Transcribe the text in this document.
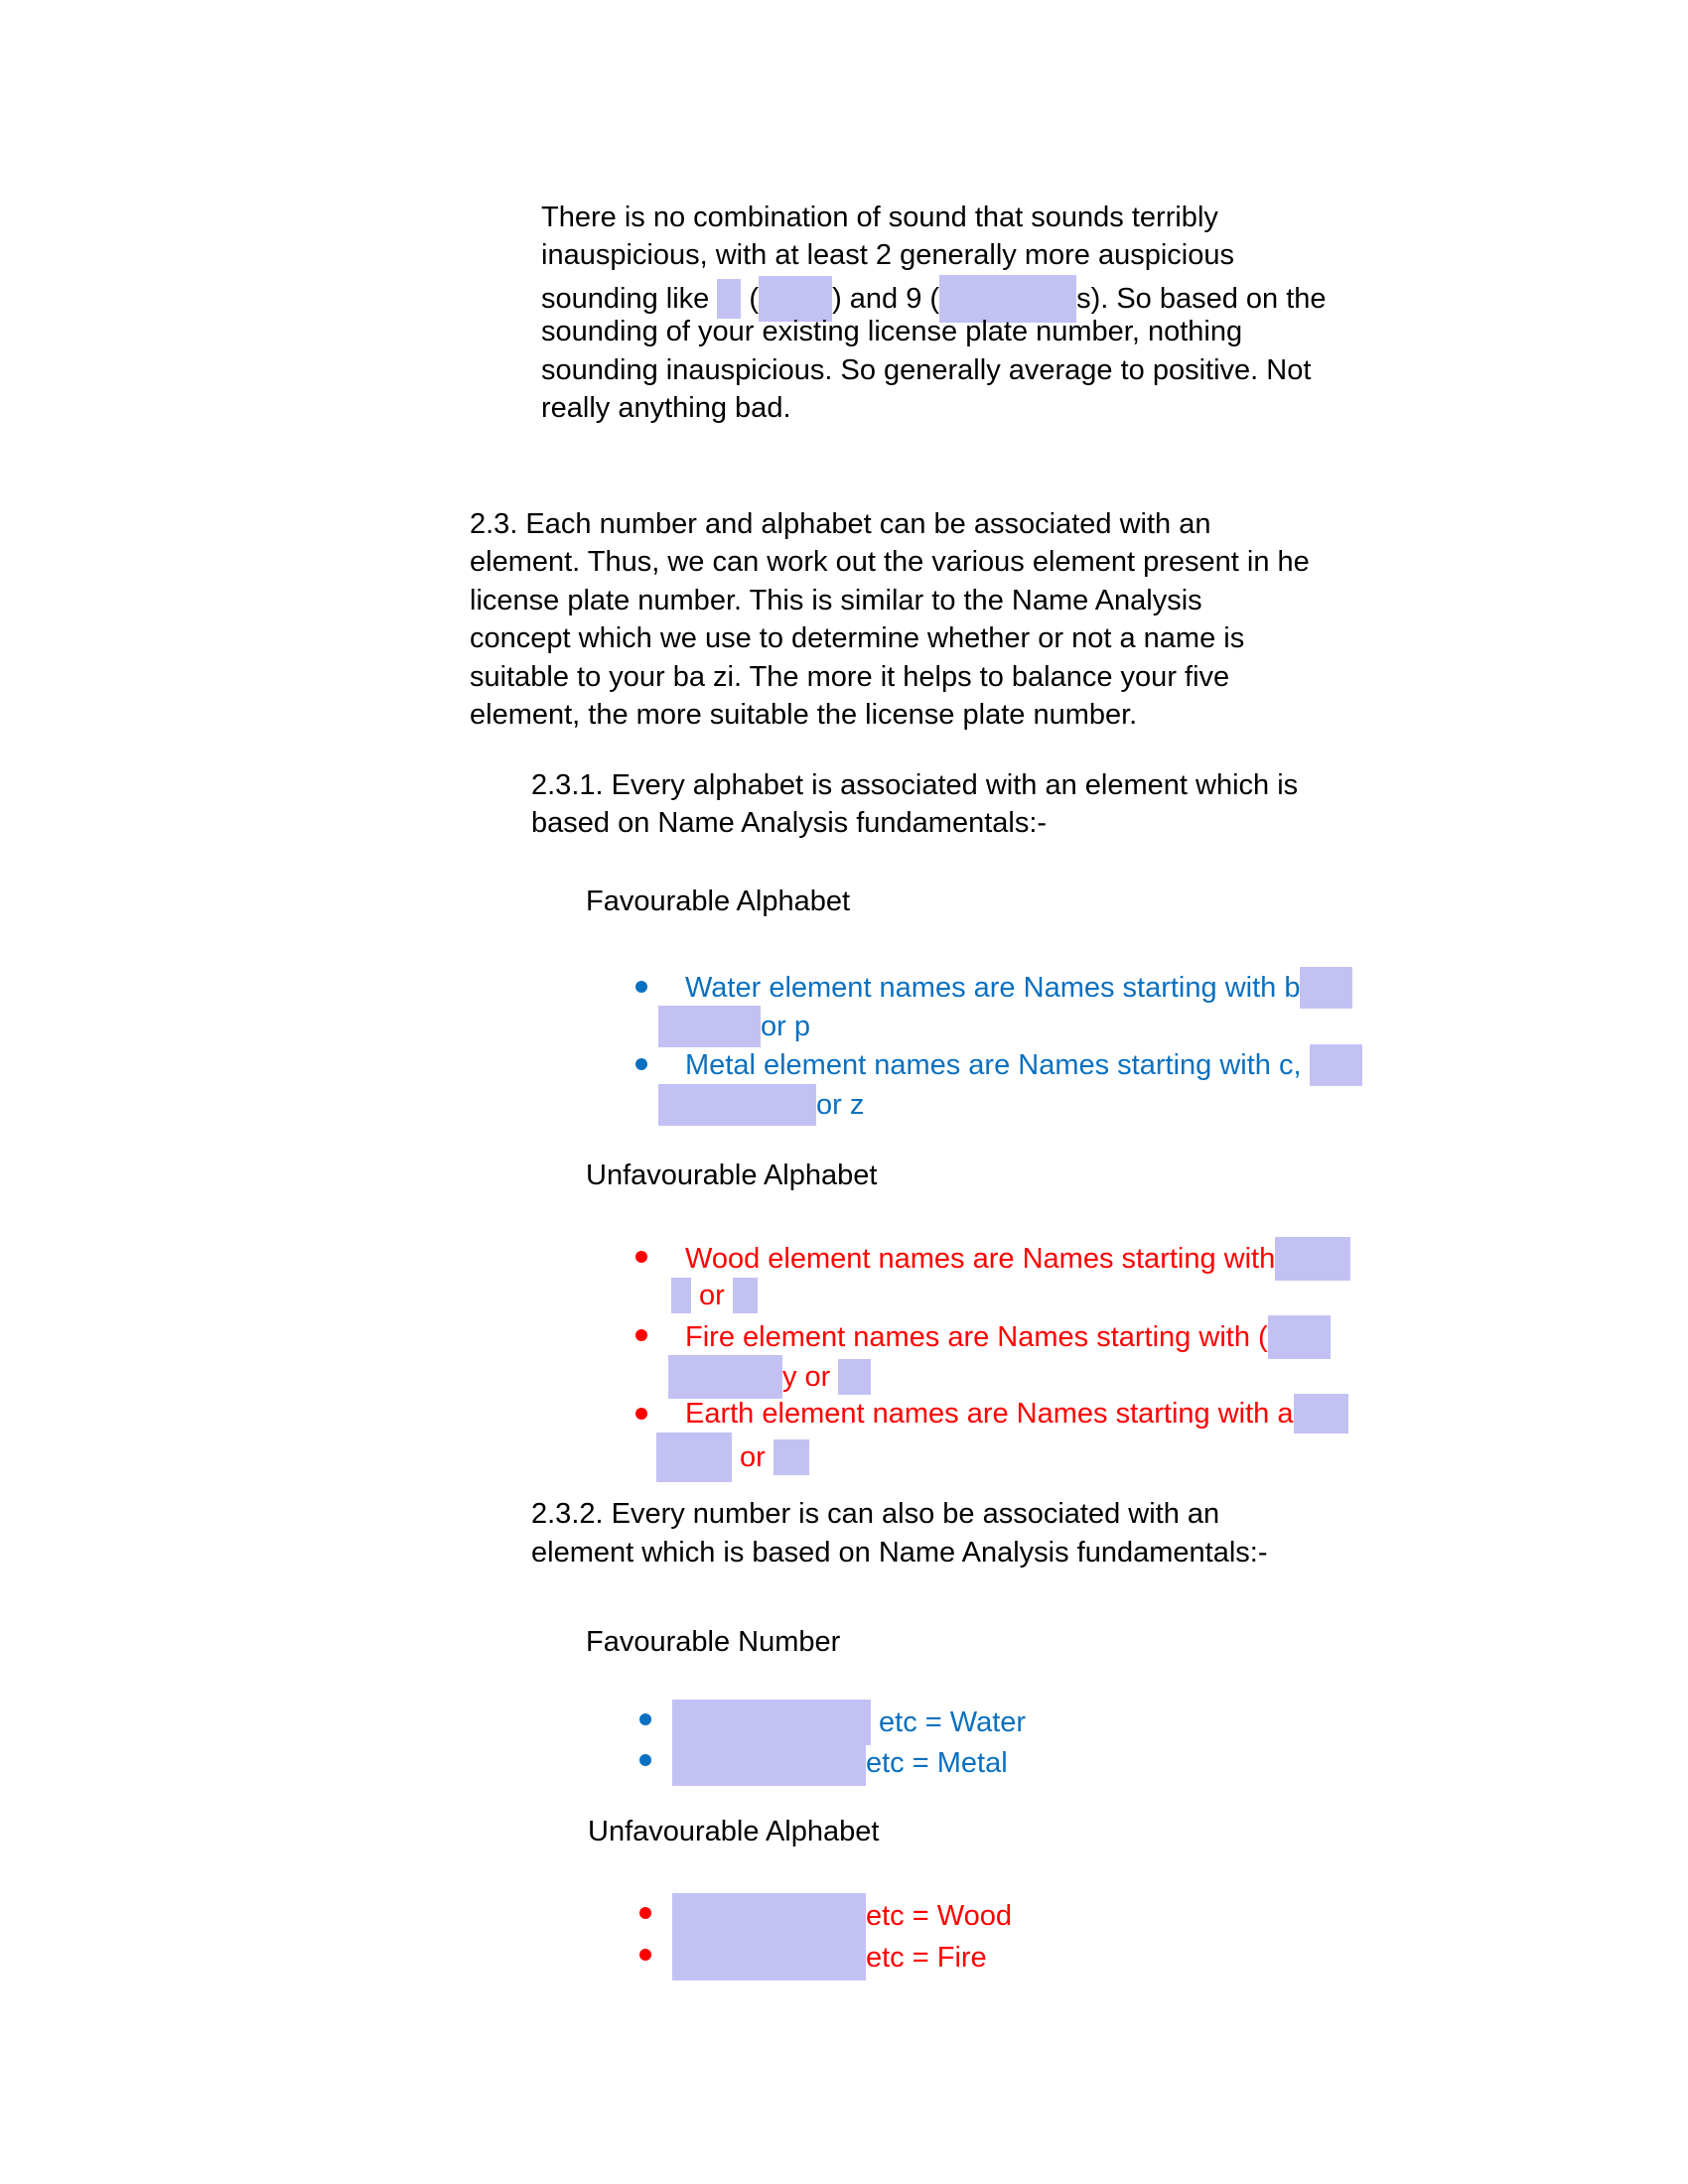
There is no combination of sound that sounds terribly
inauspicious, with at least 2 generally more auspicious
sounding like  (	) and 9 (	s). So based on the
sounding of your existing license plate number, nothing
sounding inauspicious. So generally average to positive. Not
really anything bad.
2.3. Each number and alphabet can be associated with an
element. Thus, we can work out the various element present in he
license plate number. This is similar to the Name Analysis
concept which we use to determine whether or not a name is
suitable to your ba zi. The more it helps to balance your five
element, the more suitable the license plate number.
2.3.1. Every alphabet is associated with an element which is
based on Name Analysis fundamentals:-
Favourable Alphabet
Water element names are Names starting with b
or p
Metal element names are Names starting with c,
or z
Unfavourable Alphabet
Wood element names are Names starting with
or
Fire element names are Names starting with (
y or
Earth element names are Names starting with a
or
2.3.2. Every number is can also be associated with an
element which is based on Name Analysis fundamentals:-
Favourable Number
etc = Water
etc = Metal
Unfavourable Alphabet
etc = Wood
etc = Fire
